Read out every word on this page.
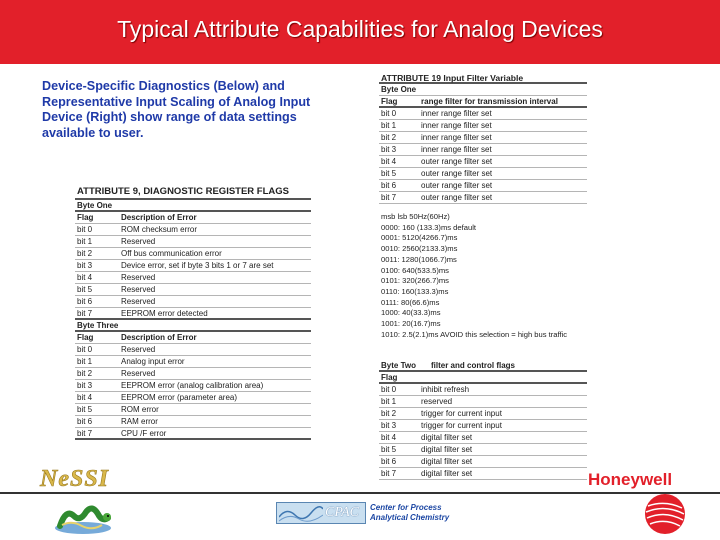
Typical Attribute Capabilities for Analog Devices
Device-Specific Diagnostics (Below) and Representative Input Scaling of Analog Input Device (Right) show range of data settings available to user.
ATTRIBUTE 9, DIAGNOSTIC REGISTER FLAGS
Byte One
Flag	Description of Error
bit 0	ROM checksum error
bit 1	Reserved
bit 2	Off bus communication error
bit 3	Device error, set if byte 3 bits 1 or 7 are set
bit 4	Reserved
bit 5	Reserved
bit 6	Reserved
bit 7	EEPROM error detected
Byte Three
Flag	Description of Error
bit 0	Reserved
bit 1	Analog input error
bit 2	Reserved
bit 3	EEPROM error (analog calibration area)
bit 4	EEPROM error (parameter area)
bit 5	ROM error
bit 6	RAM error
bit 7	CPU /F error
ATTRIBUTE 19 Input Filter Variable
Byte One
Flag	range filter for transmission interval
bit 0	inner range filter set
bit 1	inner range filter set
bit 2	inner range filter set
bit 3	inner range filter set
bit 4	outer range filter set
bit 5	outer range filter set
bit 6	outer range filter set
bit 7	outer range filter set
msb lsb 50Hz(60Hz)
0000: 160 (133.3)ms default
0001: 5120(4266.7)ms
0010: 2560(2133.3)ms
0011: 1280(1066.7)ms
0100: 640(533.5)ms
0101: 320(266.7)ms
0110: 160(133.3)ms
0111: 80(66.6)ms
1000: 40(33.3)ms
1001: 20(16.7)ms
1010: 2.5(2.1)ms AVOID this selection = high bus traffic
Byte Two filter and control flags
Flag
bit 0	inhibit refresh
bit 1	reserved
bit 2	trigger for current input
bit 3	trigger for current input
bit 4	digital filter set
bit 5	digital filter set
bit 6	digital filter set
bit 7	digital filter set
NeSSI
CPAC Center for Process
Analytical Chemistry
Honeywell
